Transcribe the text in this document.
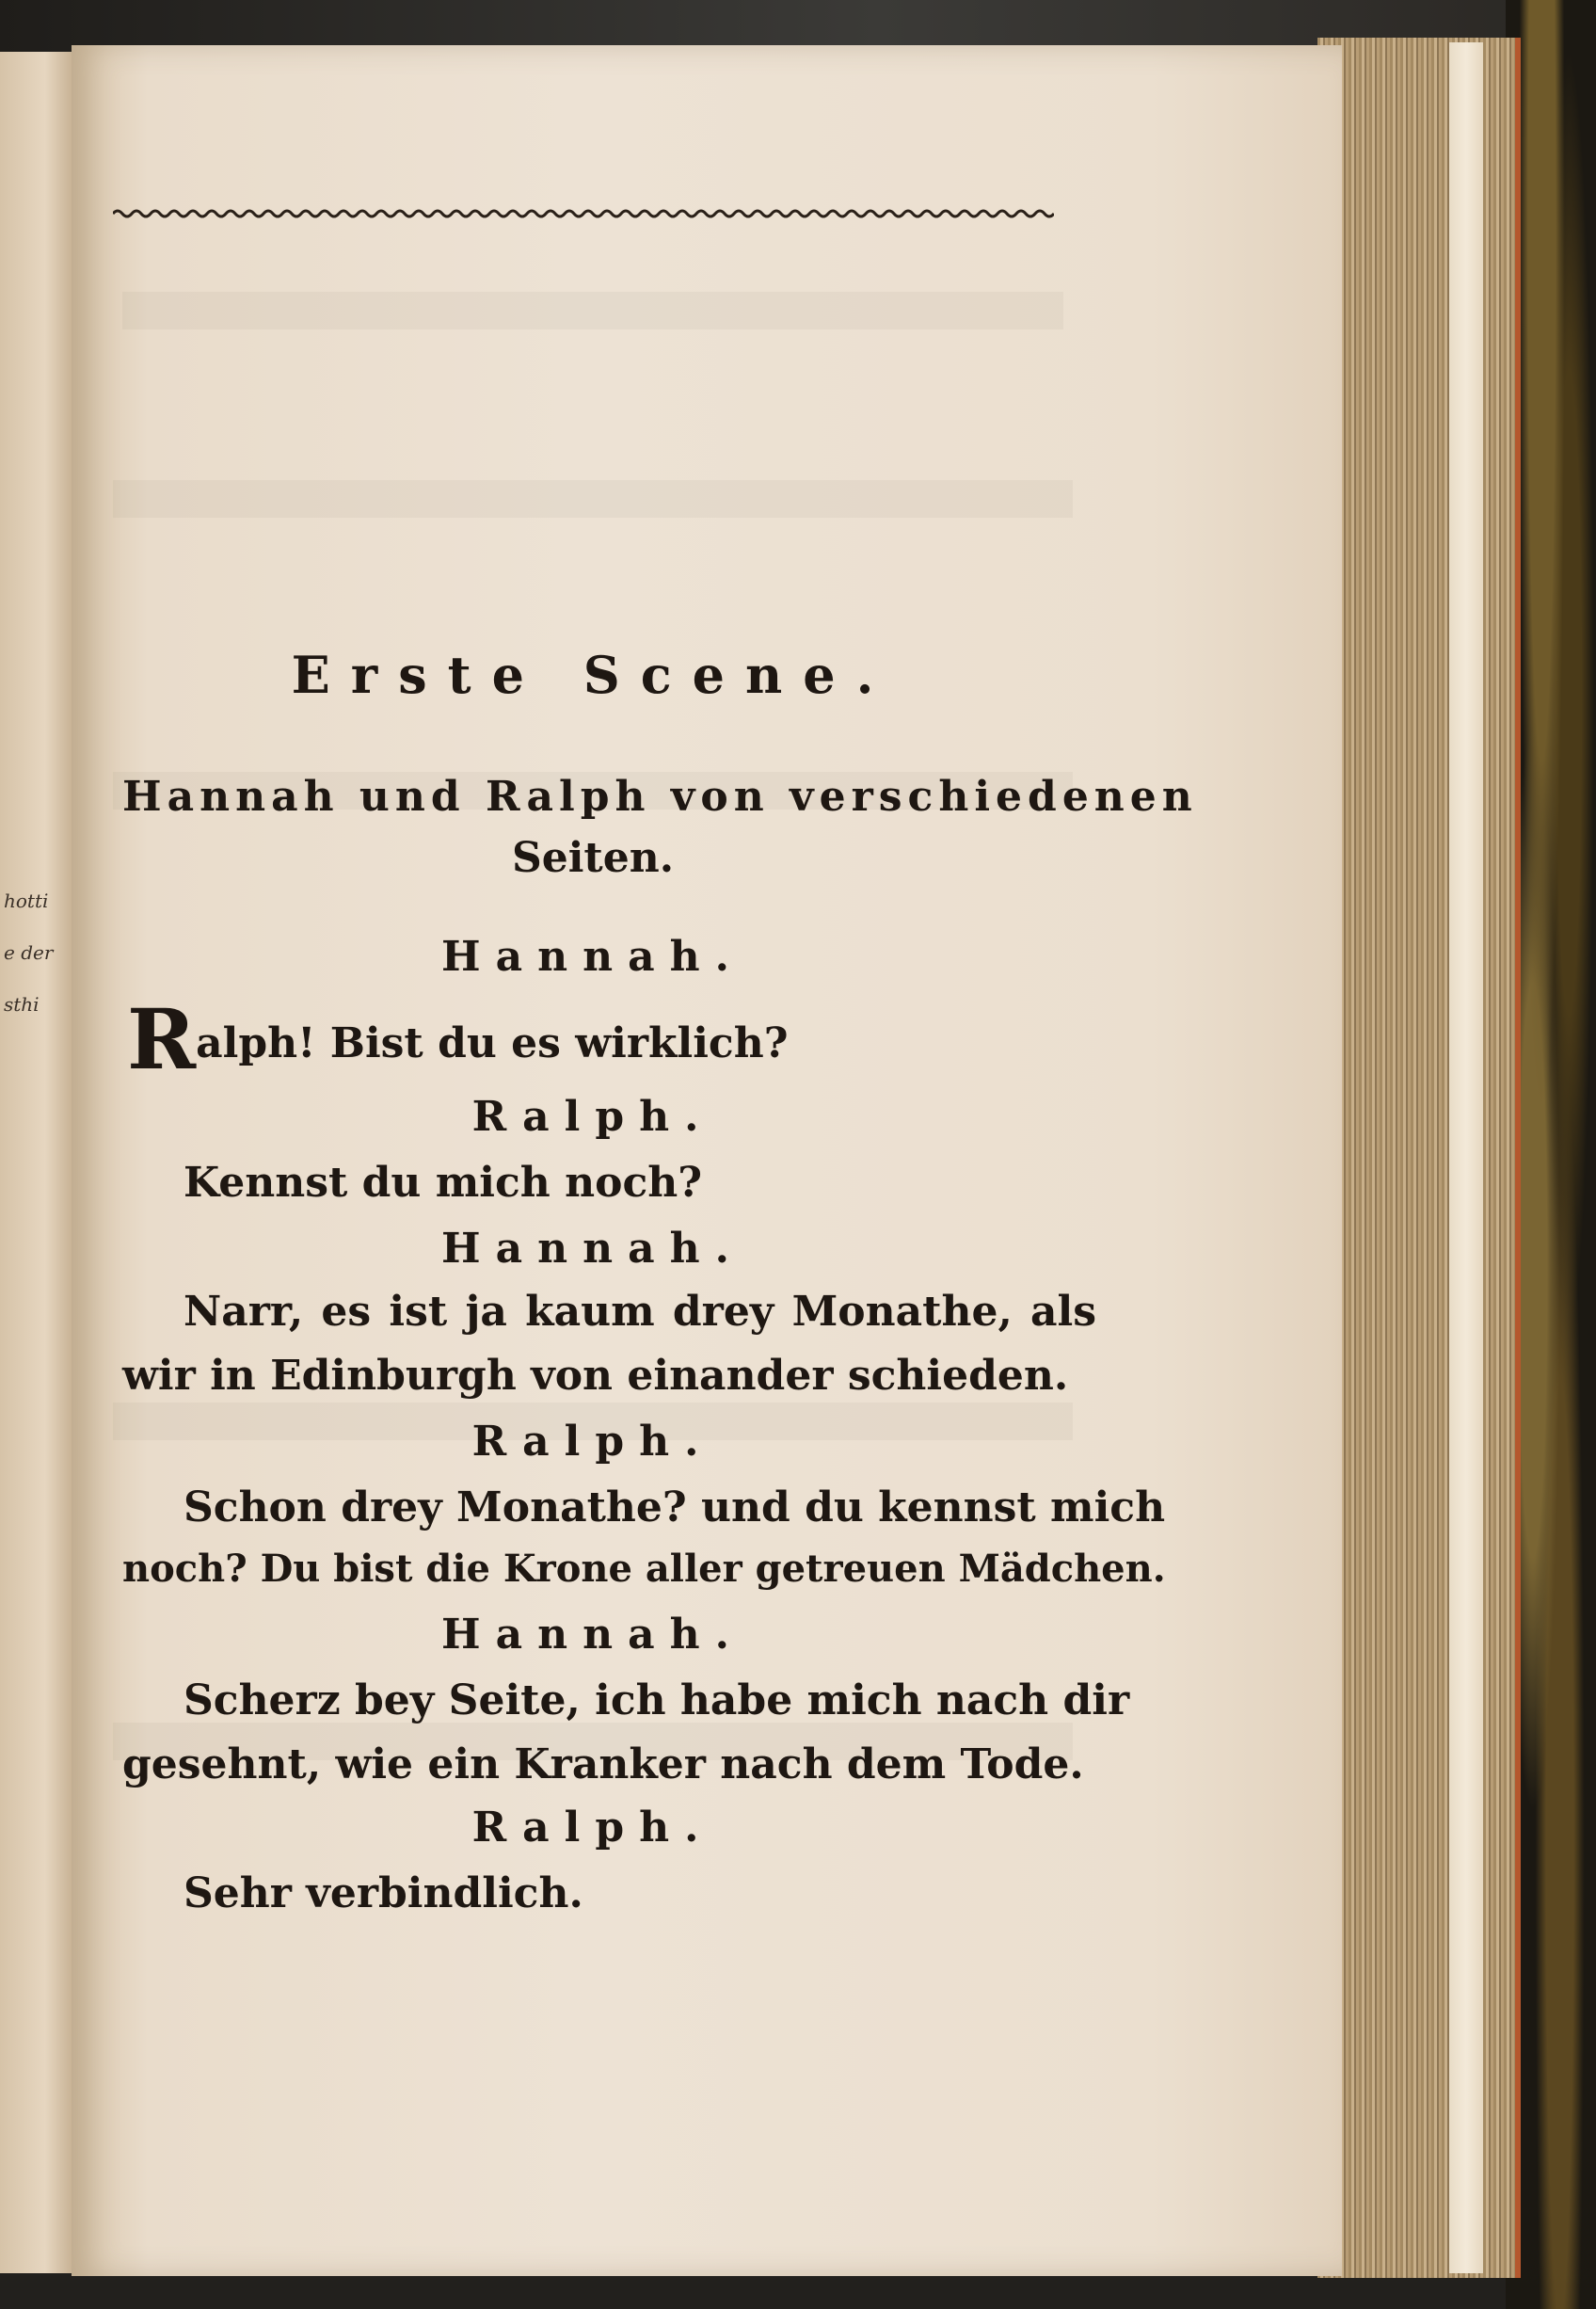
hotti
e der
sthi
Erste Scene.
Hannah und Ralph von verschiedenen
Seiten.
Hannah.
Ralph! Bist du es wirklich?
Ralph.
Kennst du mich noch?
Hannah.
Narr, es ist ja kaum drey Monathe, als
wir in Edinburgh von einander schieden.
Ralph.
Schon drey Monathe? und du kennst mich
noch? Du bist die Krone aller getreuen Mädchen.
Hannah.
Scherz bey Seite, ich habe mich nach dir
gesehnt, wie ein Kranker nach dem Tode.
Ralph.
Sehr verbindlich.
